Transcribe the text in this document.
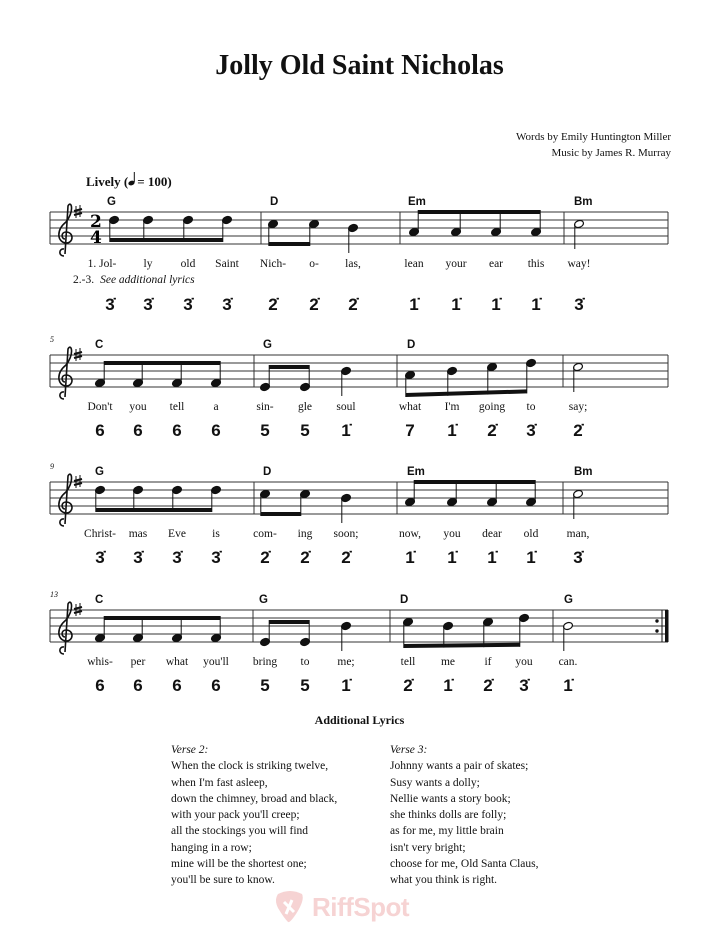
Jolly Old Saint Nicholas
Words by Emily Huntington Miller
Music by James R. Murray
Lively ( = 100)
2
4
G	D	Em	Bm
1. Jol- ly old Saint Nich- o- las,	lean your ear this way!
2.-3. See additional lyrics
3̇	3̇	3̇	3̇	2̇	2̇	2̇	1̇	1̇	1̇	1̇	3̇
5	C	G	D
Don't you tell	a	sin- gle soul	what I'm going to	say;
6	6	6	6	5	5	1̇	7	1̇	2̇	3̇	2̇
9	G	D	Em	Bm
Christ- mas Eve is	com- ing soon;	now, you dear old man,
3̇	3̇	3̇	3̇	2̇	2̇	2̇	1̇	1̇	1̇	1̇	3̇
13	C	G	D	G
whis- per what you'll bring to me;	tell me	if you can.
6	6	6	6	5	5	1̇	2̇	1̇	2̇	3̇	1̇
Additional Lyrics
Verse 2:
When the clock is striking twelve,
when I'm fast asleep,
down the chimney, broad and black,
with your pack you'll creep;
all the stockings you will find
hanging in a row;
mine will be the shortest one;
you'll be sure to know.
Verse 3:
Johnny wants a pair of skates;
Susy wants a dolly;
Nellie wants a story book;
she thinks dolls are folly;
as for me, my little brain
isn't very bright;
choose for me, Old Santa Claus,
what you think is right.
RiffSpot
